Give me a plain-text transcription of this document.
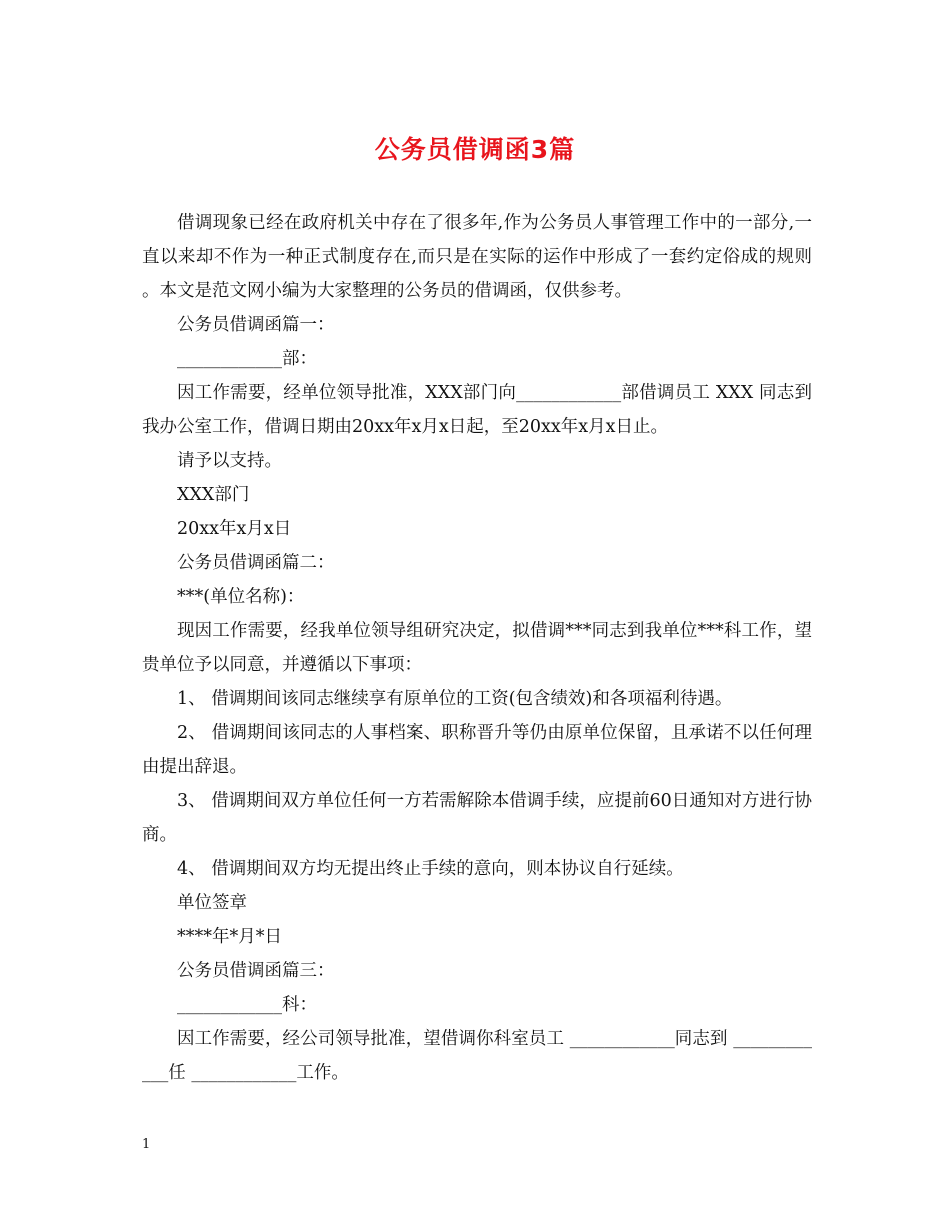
公务员借调函3篇

借调现象已经在政府机关中存在了很多年,作为公务员人事管理工作中的一部分,一直以来却不作为一种正式制度存在,而只是在实际的运作中形成了一套约定俗成的规则 。本文是范文网小编为大家整理的公务员的借调函，仅供参考。

公务员借调函篇一：

____________部：

因工作需要，经单位领导批准，XXX部门向____________部借调员工 XXX 同志到我办公室工作，借调日期由20xx年x月x日起，至20xx年x月x日止。

请予以支持。

XXX部门

20xx年x月x日

公务员借调函篇二：

***(单位名称)：

现因工作需要，经我单位领导组研究决定，拟借调***同志到我单位***科工作，望贵单位予以同意，并遵循以下事项：

1、 借调期间该同志继续享有原单位的工资(包含绩效)和各项福利待遇。

2、 借调期间该同志的人事档案、职称晋升等仍由原单位保留，且承诺不以任何理由提出辞退。

3、 借调期间双方单位任何一方若需解除本借调手续，应提前60日通知对方进行协商。

4、 借调期间双方均无提出终止手续的意向，则本协议自行延续。

单位签章

****年*月*日

公务员借调函篇三：

____________科：

因工作需要，经公司领导批准，望借调你科室员工 ____________同志到 ____________任 ____________工作。

1
